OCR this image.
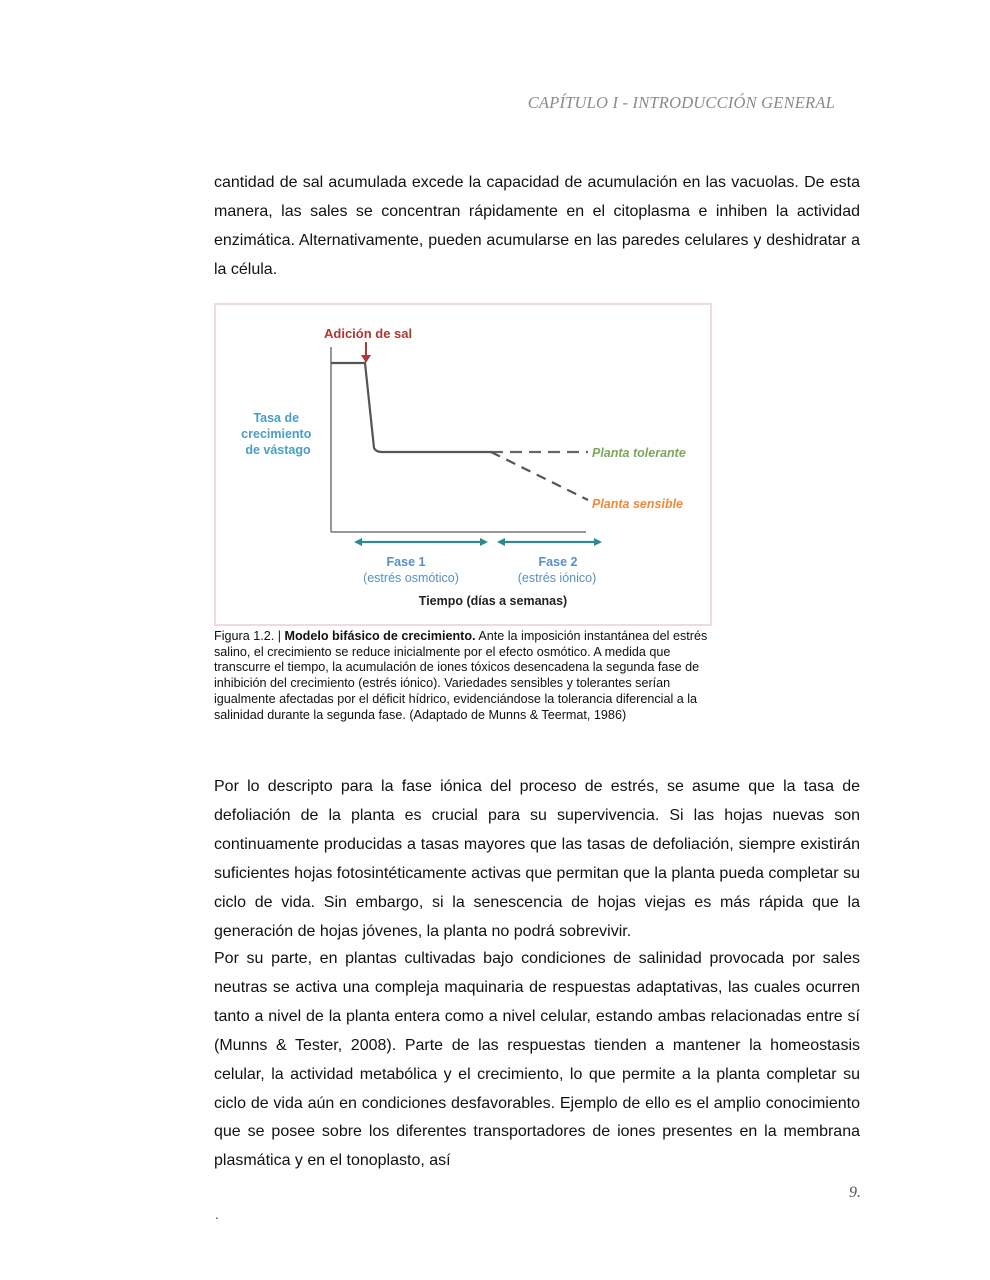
CAPÍTULO I - INTRODUCCIÓN GENERAL

cantidad de sal acumulada excede la capacidad de acumulación en las vacuolas. De esta manera, las sales se concentran rápidamente en el citoplasma e inhiben la actividad enzimática. Alternativamente, pueden acumularse en las paredes celulares y deshidratar a la célula.

Adición de sal
Tasa de crecimiento de vástago	Planta tolerante
Planta sensible
Fase 1
(estrés osmótico)
Fase 2
(estrés iónico)
Tiempo (días a semanas)

Figura 1.2. | Modelo bifásico de crecimiento. Ante la imposición instantánea del estrés salino, el crecimiento se reduce inicialmente por el efecto osmótico. A medida que transcurre el tiempo, la acumulación de iones tóxicos desencadena la segunda fase de inhibición del crecimiento (estrés iónico). Variedades sensibles y tolerantes serían igualmente afectadas por el déficit hídrico, evidenciándose la tolerancia diferencial a la salinidad durante la segunda fase. (Adaptado de Munns & Teermat, 1986)

Por lo descripto para la fase iónica del proceso de estrés, se asume que la tasa de defoliación de la planta es crucial para su supervivencia. Si las hojas nuevas son continuamente producidas a tasas mayores que las tasas de defoliación, siempre existirán suficientes hojas fotosintéticamente activas que permitan que la planta pueda completar su ciclo de vida. Sin embargo, si la senescencia de hojas viejas es más rápida que la generación de hojas jóvenes, la planta no podrá sobrevivir.

Por su parte, en plantas cultivadas bajo condiciones de salinidad provocada por sales neutras se activa una compleja maquinaria de respuestas adaptativas, las cuales ocurren tanto a nivel de la planta entera como a nivel celular, estando ambas relacionadas entre sí (Munns & Tester, 2008). Parte de las respuestas tienden a mantener la homeostasis celular, la actividad metabólica y el crecimiento, lo que permite a la planta completar su ciclo de vida aún en condiciones desfavorables. Ejemplo de ello es el amplio conocimiento que se posee sobre los diferentes transportadores de iones presentes en la membrana plasmática y en el tonoplasto, así

9.
.
